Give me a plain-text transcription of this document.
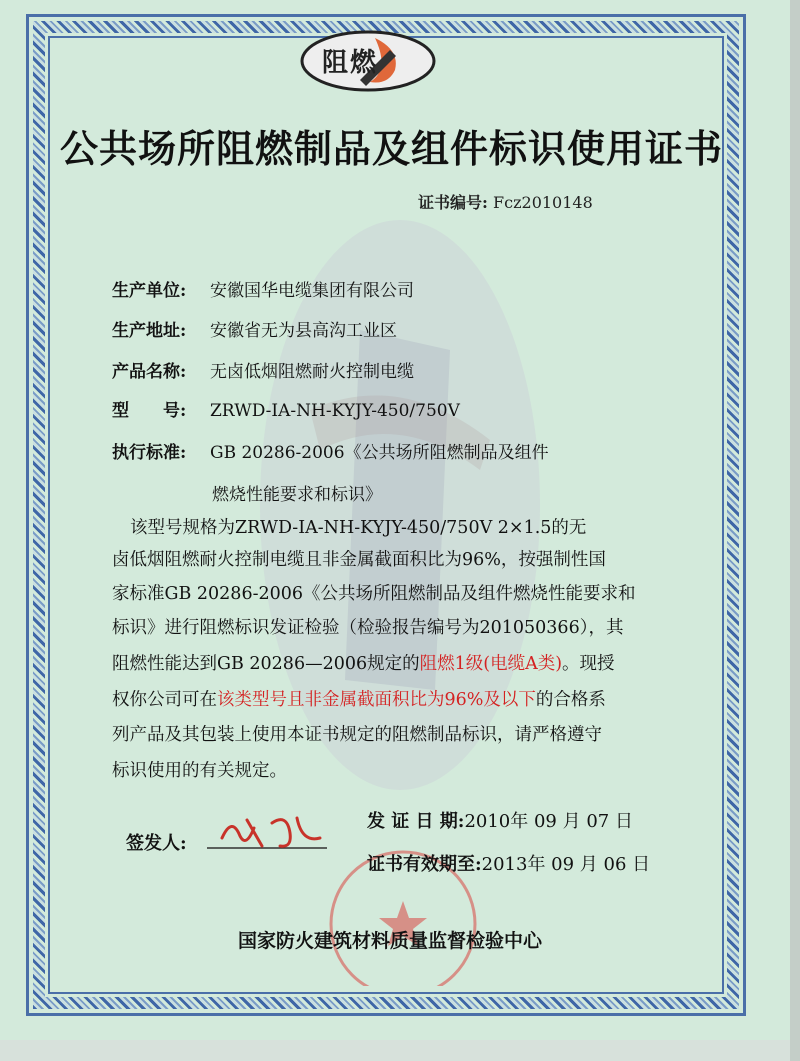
阻燃
公共场所阻燃制品及组件标识使用证书
证书编号: Fcz2010148
生产单位: 安徽国华电缆集团有限公司
生产地址: 安徽省无为县高沟工业区
产品名称: 无卤低烟阻燃耐火控制电缆
型　　号: ZRWD-ⅠA-NH-KYJY-450/750V
执行标准: GB 20286-2006《公共场所阻燃制品及组件
燃烧性能要求和标识》
该型号规格为ZRWD-ⅠA-NH-KYJY-450/750V 2×1.5的无
卤低烟阻燃耐火控制电缆且非金属截面积比为96%，按强制性国
家标准GB 20286-2006《公共场所阻燃制品及组件燃烧性能要求和
标识》进行阻燃标识发证检验（检验报告编号为201050366），其
阻燃性能达到GB 20286—2006规定的阻燃1级(电缆A类)。现授
权你公司可在该类型号且非金属截面积比为96%及以下的合格系
列产品及其包装上使用本证书规定的阻燃制品标识，请严格遵守
标识使用的有关规定。
签发人:
发 证 日 期:2010年 09 月 07 日
证书有效期至:2013年 09 月 06 日
国家防火建筑材料质量监督检验中心
